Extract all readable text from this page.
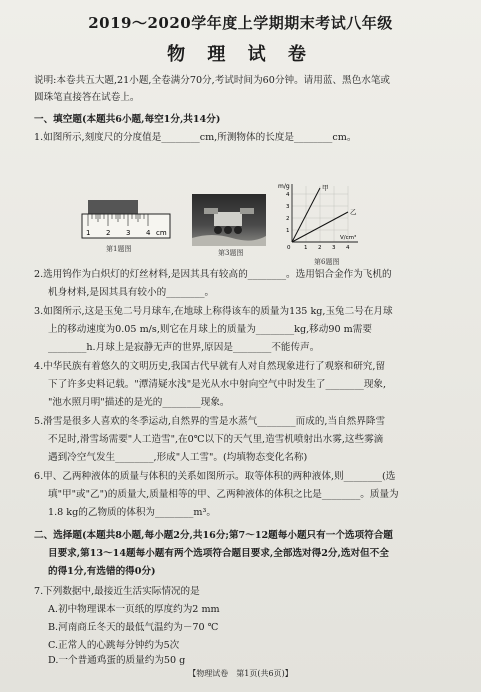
2019～2020学年度上学期期末考试八年级
物 理 试 卷
说明:本卷共五大题,21小题,全卷满分70分,考试时间为60分钟。请用蓝、黑色水笔或
圆珠笔直接答在试卷上。
一、填空题(本题共6小题,每空1分,共14分)
1.如图所示,刻度尺的分度值是________cm,所测物体的长度是________cm。
1 2 3 4 cm
第1题图	第3题图
m/g	甲
乙
0 1 2 3 4
1
2
3
4
V/cm³
第6题图
2.选用钨作为白炽灯的灯丝材料,是因其具有较高的________。选用铝合金作为飞机的
机身材料,是因其具有较小的________。
3.如图所示,这是玉兔二号月球车,在地球上称得该车的质量为135 kg,玉兔二号在月球
上的移动速度为0.05 m/s,则它在月球上的质量为________kg,移动90 m需要
________h.月球上是寂静无声的世界,原因是________不能传声。
4.中华民族有着悠久的文明历史,我国古代早就有人对自然现象进行了观察和研究,留
下了许多史料记载。"潭清疑水浅"是光从水中射向空气中时发生了________现象,
"池水照月明"描述的是光的________现象。
5.滑雪是很多人喜欢的冬季运动,自然界的雪是水蒸气________而成的,当自然界降雪
不足时,滑雪场需要"人工造雪",在0℃以下的天气里,造雪机喷射出水雾,这些雾滴
遇到冷空气发生________,形成"人工雪"。(均填物态变化名称)
6.甲、乙两种液体的质量与体积的关系如图所示。取等体积的两种液体,则________(选
填"甲"或"乙")的质量大,质量相等的甲、乙两种液体的体积之比是________。质量为
1.8 kg的乙物质的体积为________m³。
二、选择题(本题共8小题,每小题2分,共16分;第7～12题每小题只有一个选项符合题
目要求,第13～14题每小题有两个选项符合题目要求,全部选对得2分,选对但不全
的得1分,有选错的得0分)
7.下列数据中,最接近生活实际情况的是
A.初中物理课本一页纸的厚度约为2 mm
B.河南商丘冬天的最低气温约为－70 ℃
C.正常人的心跳每分钟约为5次
D.一个普通鸡蛋的质量约为50 g
【物理试卷　第1页(共6页)】
